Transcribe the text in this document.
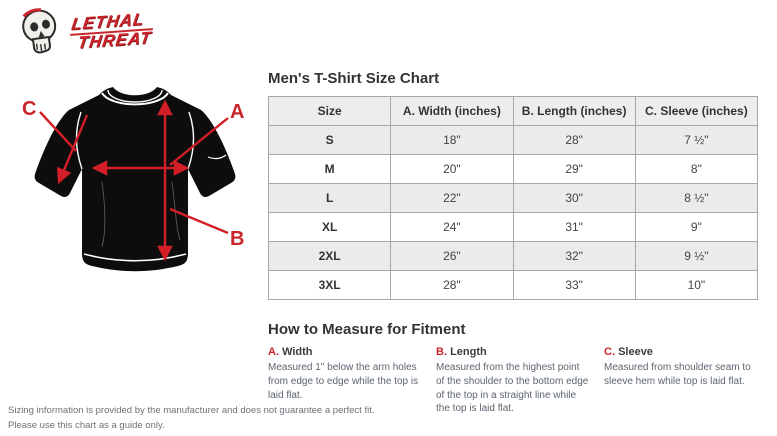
LETHAL
THREAT
C	A
B
Men's T-Shirt Size Chart
Size	A. Width (inches)	B. Length (inches)	C. Sleeve (inches)
S	18"	28"	7 ½"
M	20"	29"	8"
L	22"	30"	8 ½"
XL	24"	31"	9"
2XL	26"	32"	9 ½"
3XL	28"	33"	10"
How to Measure for Fitment
A. Width
Measured 1" below the arm holes from edge to edge while the top is laid flat.
B. Length
Measured from the highest point of the shoulder to the bottom edge of the top in a straight line while the top is laid flat.
C. Sleeve
Measured from shoulder seam to sleeve hem while top is laid flat.
Sizing information is provided by the manufacturer and does not guarantee a perfect fit.
Please use this chart as a guide only.
